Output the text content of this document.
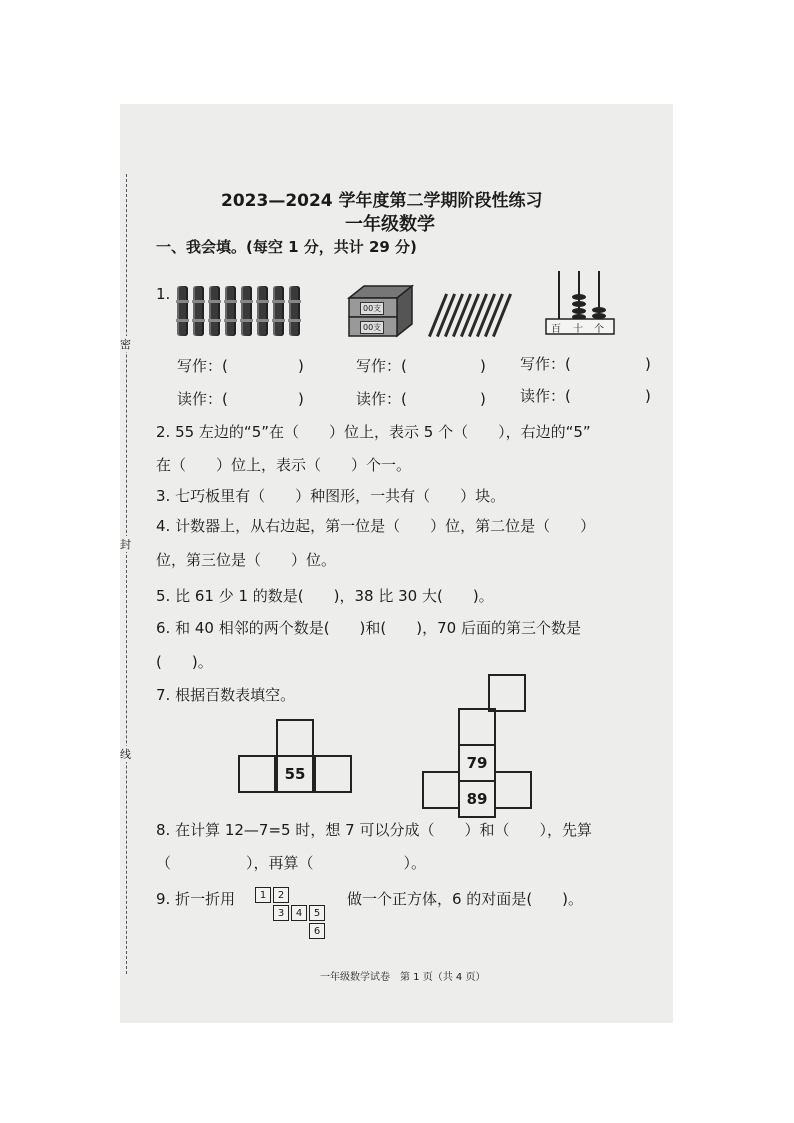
密
封
线
2023—2024 学年度第二学期阶段性练习
一年级数学
一、我会填。(每空 1 分，共计 29 分)
1.
00支
00支	百 十 个
写作：(	)	写作：(	) 写作：(	)
读作：(	)	读作：(	) 读作：(	)
2. 55 左边的“5”在（　　）位上，表示 5 个（　　），右边的“5”
在（　　）位上，表示（　　）个一。
3. 七巧板里有（　　）种图形，一共有（　　）块。
4. 计数器上，从右边起，第一位是（　　）位，第二位是（　　）
位，第三位是（　　）位。
5. 比 61 少 1 的数是(　　)，38 比 30 大(　　)。
6. 和 40 相邻的两个数是(　　)和(　　)，70 后面的第三个数是
(　　)。
7. 根据百数表填空。
55
79
89
8. 在计算 12—7=5 时，想 7 可以分成（　　）和（　　），先算
（　　　　　），再算（　　　　　　）。
9. 折一折用	1	2
3	4	5
6
做一个正方体，6 的对面是(　　)。
一年级数学试卷　第 1 页（共 4 页）
